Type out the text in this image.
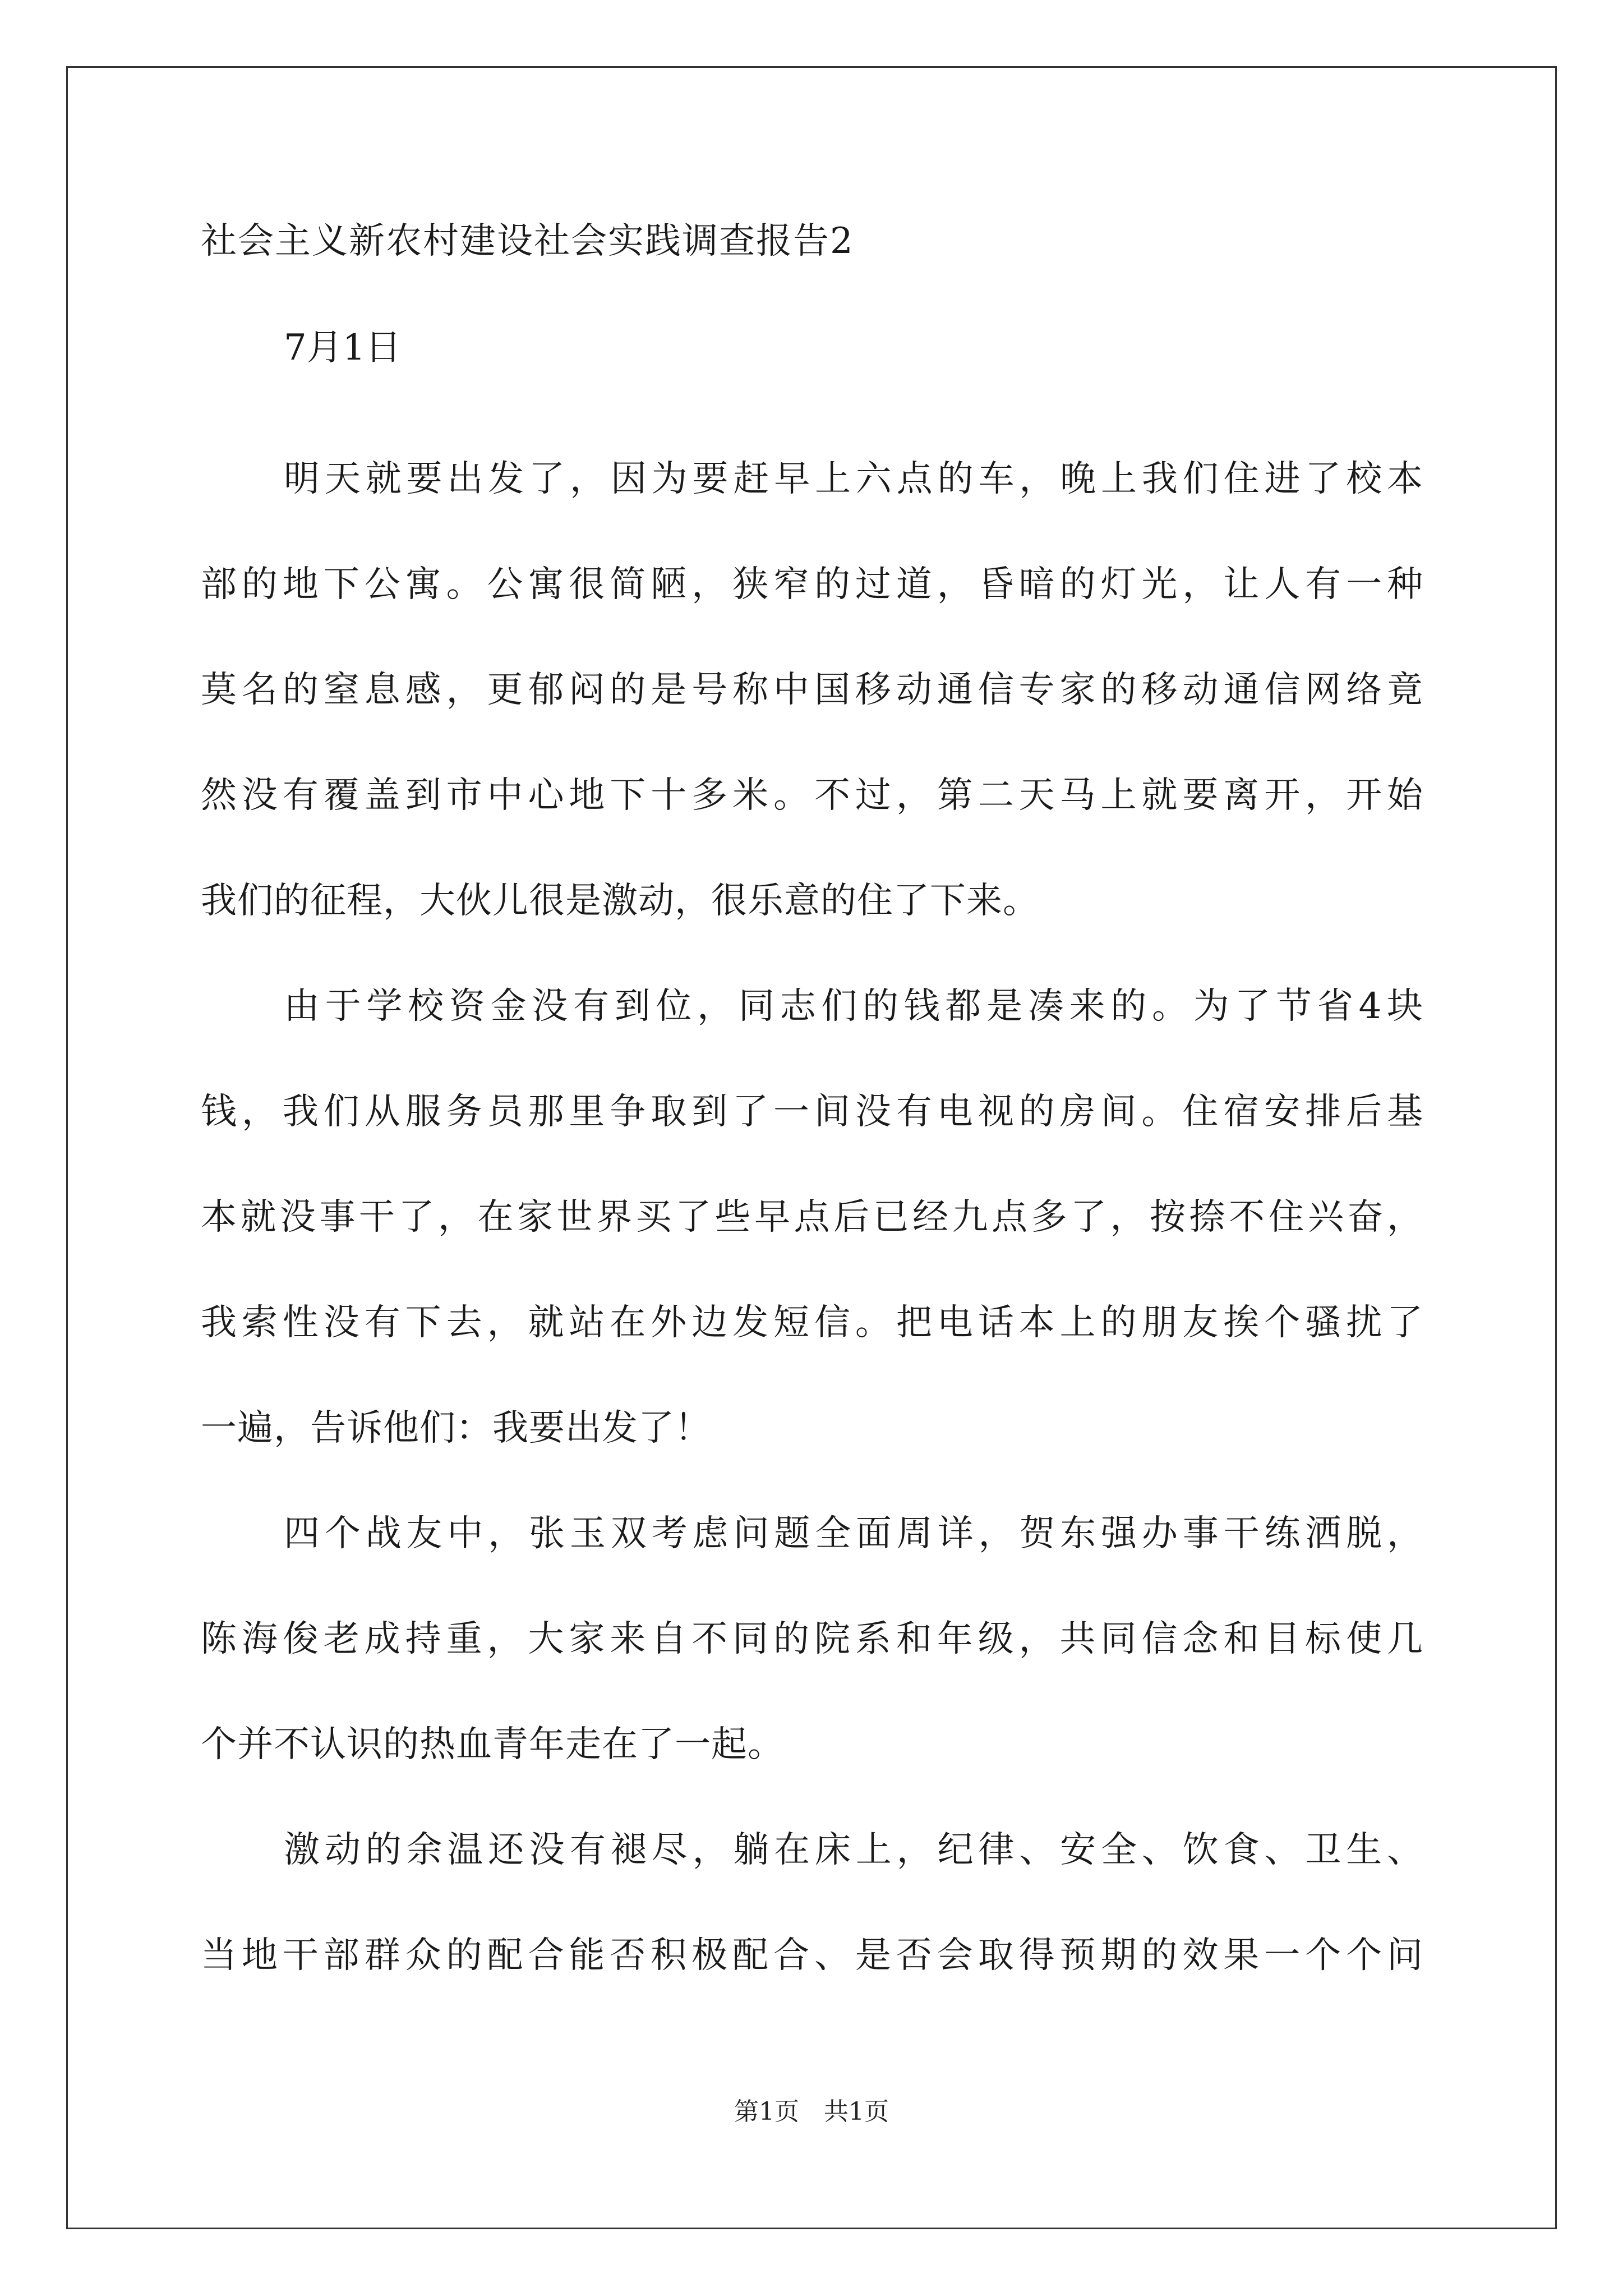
社会主义新农村建设社会实践调查报告2
7月1日
明天就要出发了，因为要赶早上六点的车，晚上我们住进了校本
部的地下公寓。公寓很简陋，狭窄的过道，昏暗的灯光，让人有一种
莫名的窒息感，更郁闷的是号称中国移动通信专家的移动通信网络竟
然没有覆盖到市中心地下十多米。不过，第二天马上就要离开，开始
我们的征程，大伙儿很是激动，很乐意的住了下来。
由于学校资金没有到位，同志们的钱都是凑来的。为了节省4块
钱，我们从服务员那里争取到了一间没有电视的房间。住宿安排后基
本就没事干了，在家世界买了些早点后已经九点多了，按捺不住兴奋，
我索性没有下去，就站在外边发短信。把电话本上的朋友挨个骚扰了
一遍，告诉他们：我要出发了！
四个战友中，张玉双考虑问题全面周详，贺东强办事干练洒脱，
陈海俊老成持重，大家来自不同的院系和年级，共同信念和目标使几
个并不认识的热血青年走在了一起。
激动的余温还没有褪尽，躺在床上，纪律、安全、饮食、卫生、
当地干部群众的配合能否积极配合、是否会取得预期的效果一个个问
第1页 共1页
